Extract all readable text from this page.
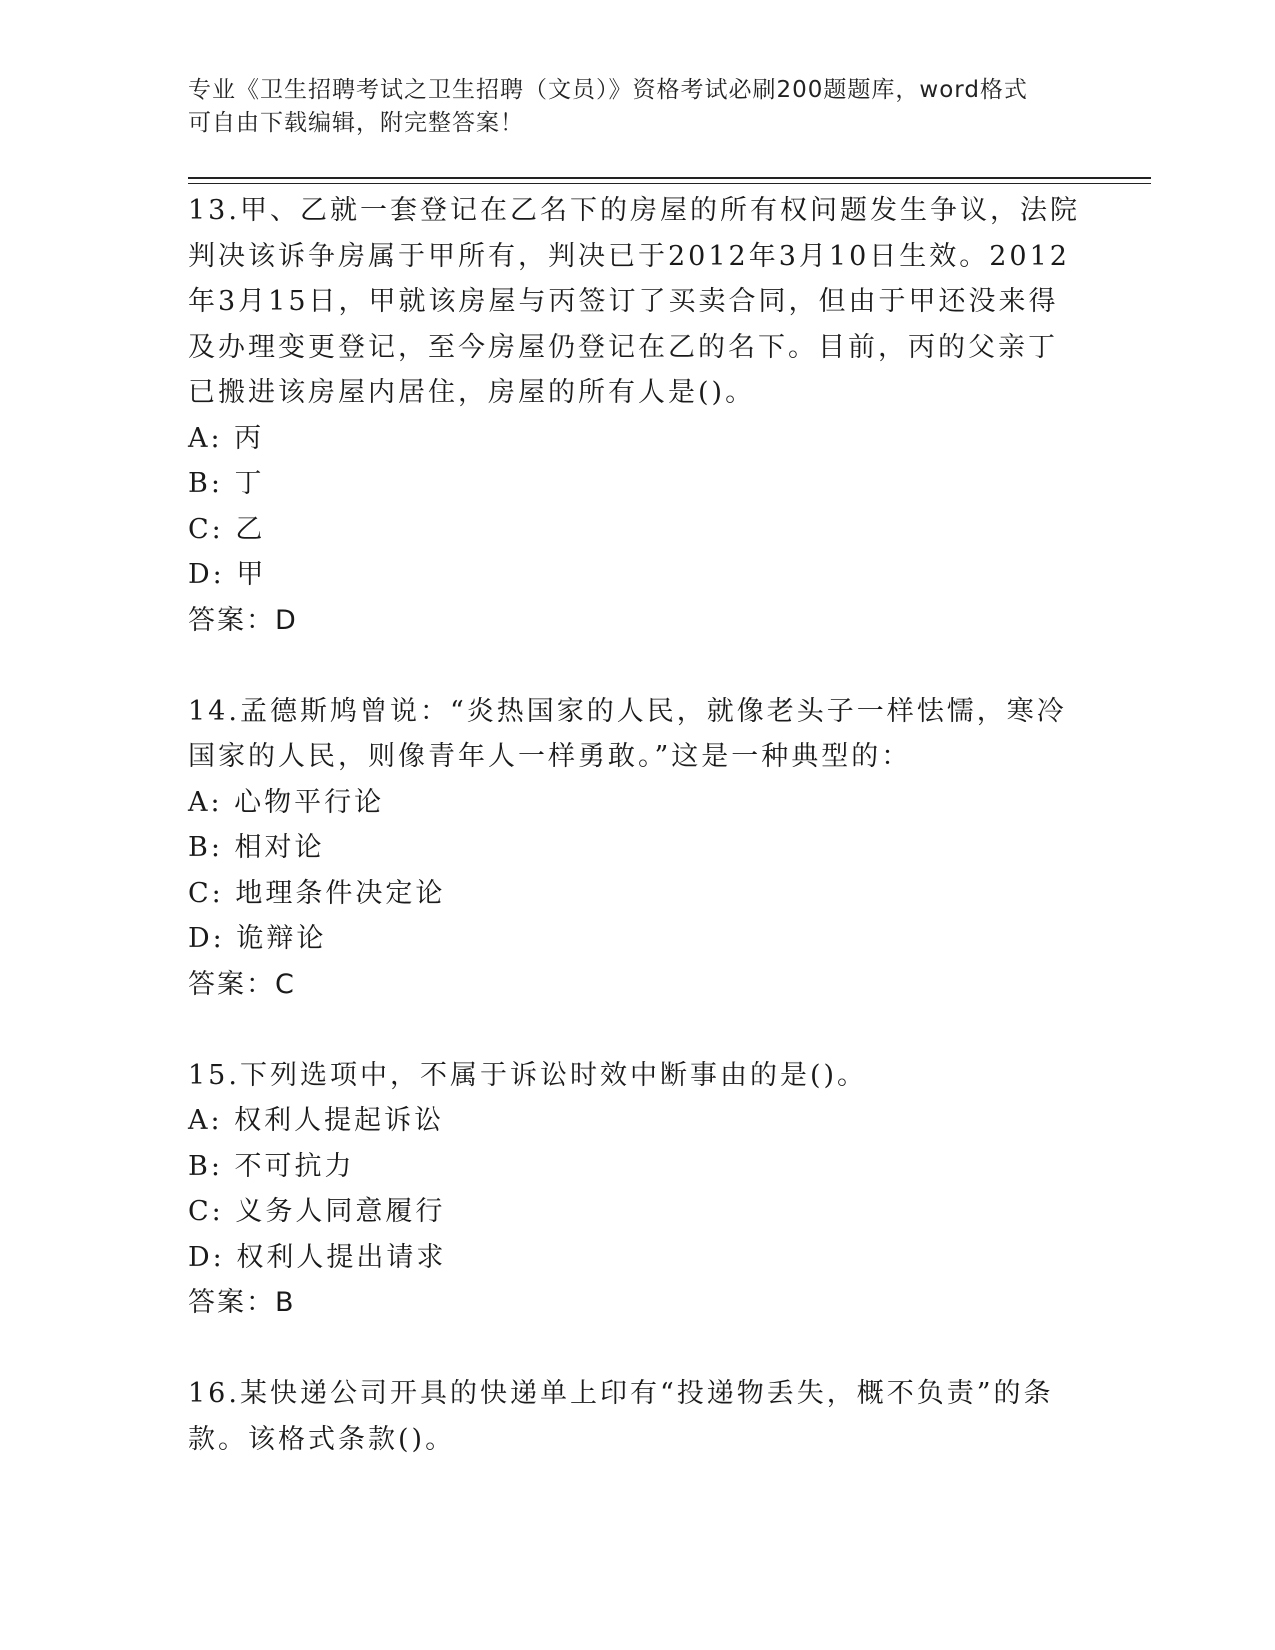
专业《卫生招聘考试之卫生招聘（文员）》资格考试必刷200题题库，word格式
可自由下载编辑，附完整答案！
13.甲、乙就一套登记在乙名下的房屋的所有权问题发生争议，法院判决该诉争房属于甲所有，判决已于2012年3月10日生效。2012年3月15日，甲就该房屋与丙签订了买卖合同，但由于甲还没来得及办理变更登记，至今房屋仍登记在乙的名下。目前，丙的父亲丁已搬进该房屋内居住，房屋的所有人是()。
A: 丙
B: 丁
C: 乙
D: 甲
答案：D
14.孟德斯鸠曾说：“炎热国家的人民，就像老头子一样怯懦，寒冷国家的人民，则像青年人一样勇敢。”这是一种典型的：
A: 心物平行论
B: 相对论
C: 地理条件决定论
D: 诡辩论
答案：C
15.下列选项中，不属于诉讼时效中断事由的是()。
A: 权利人提起诉讼
B: 不可抗力
C: 义务人同意履行
D: 权利人提出请求
答案：B
16.某快递公司开具的快递单上印有“投递物丢失，概不负责”的条款。该格式条款()。
